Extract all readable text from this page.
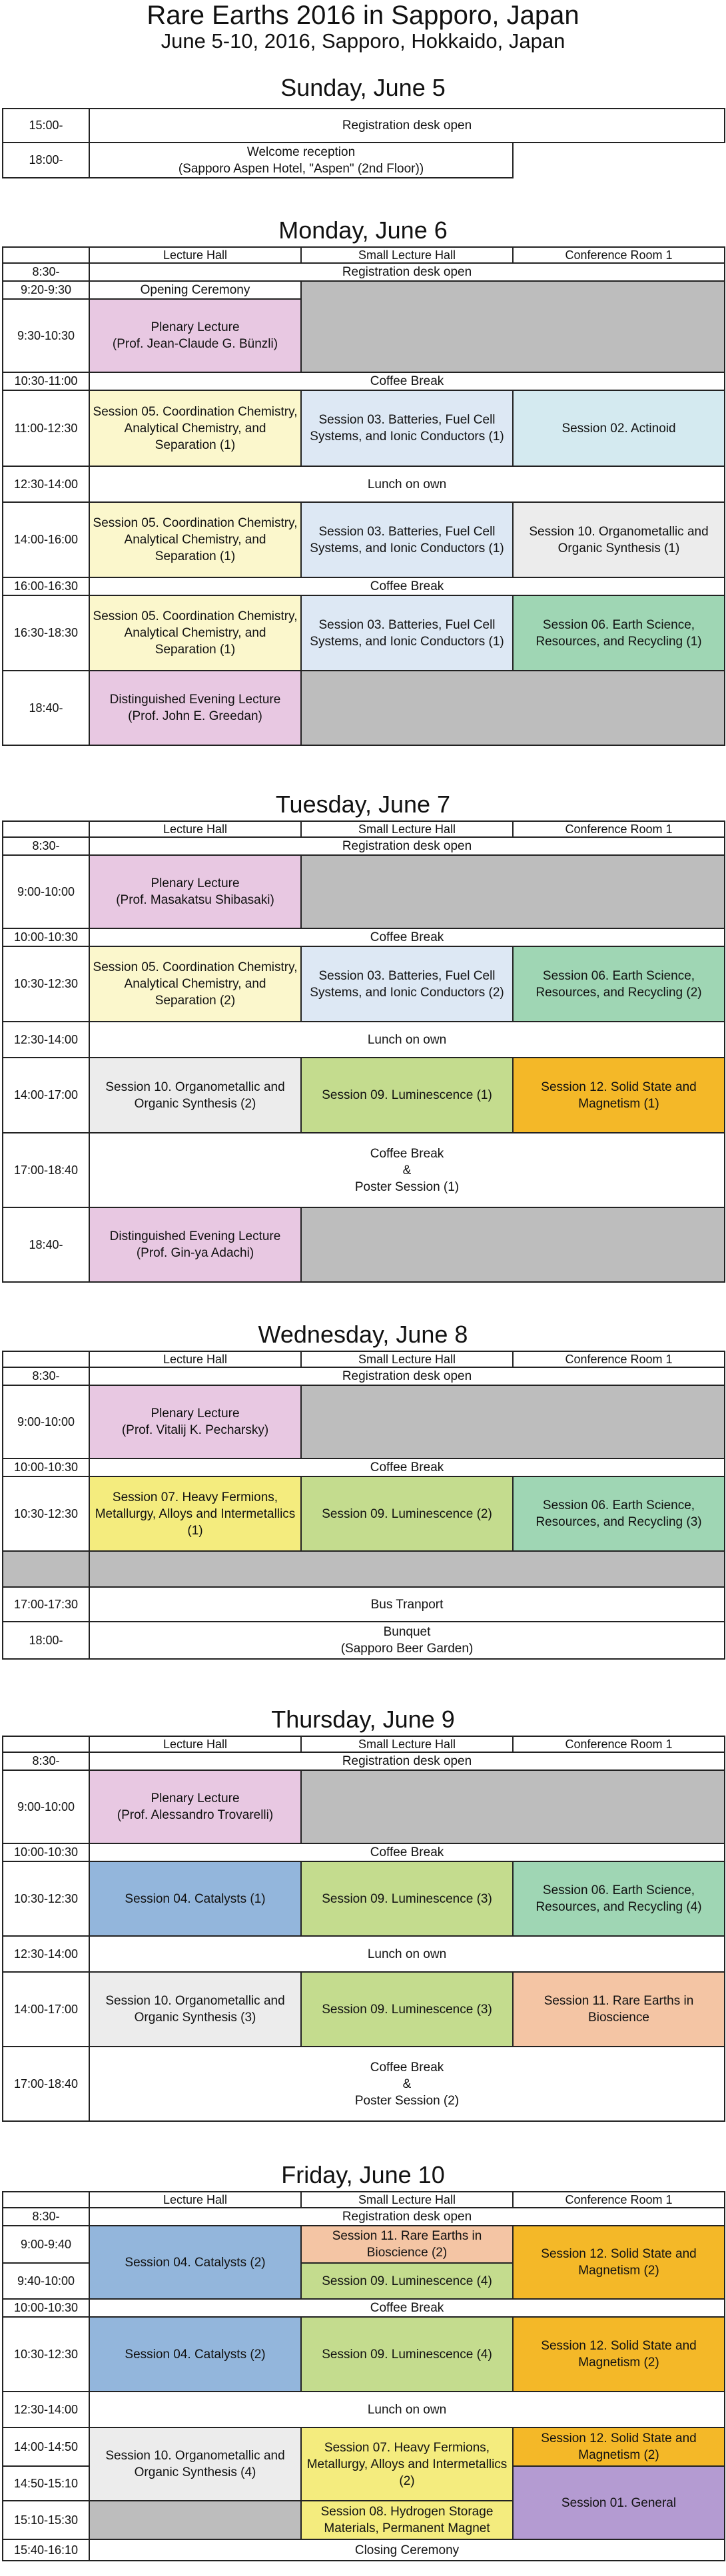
Rare Earths 2016 in Sapporo, Japan
June 5-10, 2016, Sapporo, Hokkaido, Japan
Sunday, June 5
15:00-	Registration desk open	
18:00-	Welcome reception
(Sapporo Aspen Hotel, "Aspen" (2nd Floor))	
Monday, June 6
	Lecture Hall	Small Lecture Hall	Conference Room 1
8:30-	Registration desk open		
9:20-9:30	Opening Ceremony		
9:30-10:30	Plenary Lecture
(Prof. Jean-Claude G. Bünzli)		
10:30-11:00	Coffee Break		
11:00-12:30	Session 05. Coordination Chemistry, Analytical Chemistry, and Separation (1)	Session 03. Batteries, Fuel Cell Systems, and Ionic Conductors (1)	Session 02. Actinoid
12:30-14:00	Lunch on own		
14:00-16:00	Session 05. Coordination Chemistry, Analytical Chemistry, and Separation (1)	Session 03. Batteries, Fuel Cell Systems, and Ionic Conductors (1)	Session 10. Organometallic and Organic Synthesis (1)
16:00-16:30	Coffee Break		
16:30-18:30	Session 05. Coordination Chemistry, Analytical Chemistry, and Separation (1)	Session 03. Batteries, Fuel Cell Systems, and Ionic Conductors (1)	Session 06. Earth Science, Resources, and Recycling (1)
18:40-	Distinguished Evening Lecture
(Prof. John E. Greedan)		
Tuesday, June 7
	Lecture Hall	Small Lecture Hall	Conference Room 1
8:30-	Registration desk open		
9:00-10:00	Plenary Lecture
(Prof. Masakatsu Shibasaki)		
10:00-10:30	Coffee Break		
10:30-12:30	Session 05. Coordination Chemistry, Analytical Chemistry, and Separation (2)	Session 03. Batteries, Fuel Cell Systems, and Ionic Conductors (2)	Session 06. Earth Science, Resources, and Recycling (2)
12:30-14:00	Lunch on own		
14:00-17:00	Session 10. Organometallic and Organic Synthesis (2)	Session 09. Luminescence (1)	Session 12. Solid State and Magnetism (1)
17:00-18:40	Coffee Break
&
Poster Session (1)		
18:40-	Distinguished Evening Lecture
(Prof. Gin-ya Adachi)		
Wednesday, June 8
	Lecture Hall	Small Lecture Hall	Conference Room 1
8:30-	Registration desk open		
9:00-10:00	Plenary Lecture
(Prof. Vitalij K. Pecharsky)		
10:00-10:30	Coffee Break		
10:30-12:30	Session 07. Heavy Fermions, Metallurgy, Alloys and Intermetallics (1)	Session 09. Luminescence (2)	Session 06. Earth Science, Resources, and Recycling (3)

17:00-17:30	Bus Tranport		
18:00-	Bunquet
(Sapporo Beer Garden)		
Thursday, June 9
	Lecture Hall	Small Lecture Hall	Conference Room 1
8:30-	Registration desk open		
9:00-10:00	Plenary Lecture
(Prof. Alessandro Trovarelli)		
10:00-10:30	Coffee Break		
10:30-12:30	Session 04. Catalysts (1)	Session 09. Luminescence (3)	Session 06. Earth Science, Resources, and Recycling (4)
12:30-14:00	Lunch on own		
14:00-17:00	Session 10. Organometallic and Organic Synthesis (3)	Session 09. Luminescence (3)	Session 11. Rare Earths in Bioscience
17:00-18:40	Coffee Break
&
Poster Session (2)		
Friday, June 10
	Lecture Hall	Small Lecture Hall	Conference Room 1
8:30-	Registration desk open		
9:00-9:40	Session 04. Catalysts (2)	Session 11. Rare Earths in Bioscience (2)	Session 12. Solid State and Magnetism (2)
9:40-10:00		Session 09. Luminescence (4)	
10:00-10:30	Coffee Break		
10:30-12:30	Session 04. Catalysts (2)	Session 09. Luminescence (4)	Session 12. Solid State and Magnetism (2)
12:30-14:00	Lunch on own		
14:00-14:50	Session 10. Organometallic and Organic Synthesis (4)	Session 07. Heavy Fermions, Metallurgy, Alloys and Intermetallics (2)	Session 12. Solid State and Magnetism (2)
14:50-15:10			Session 01. General
15:10-15:30		Session 08. Hydrogen Storage Materials, Permanent Magnet	
15:40-16:10	Closing Ceremony		
